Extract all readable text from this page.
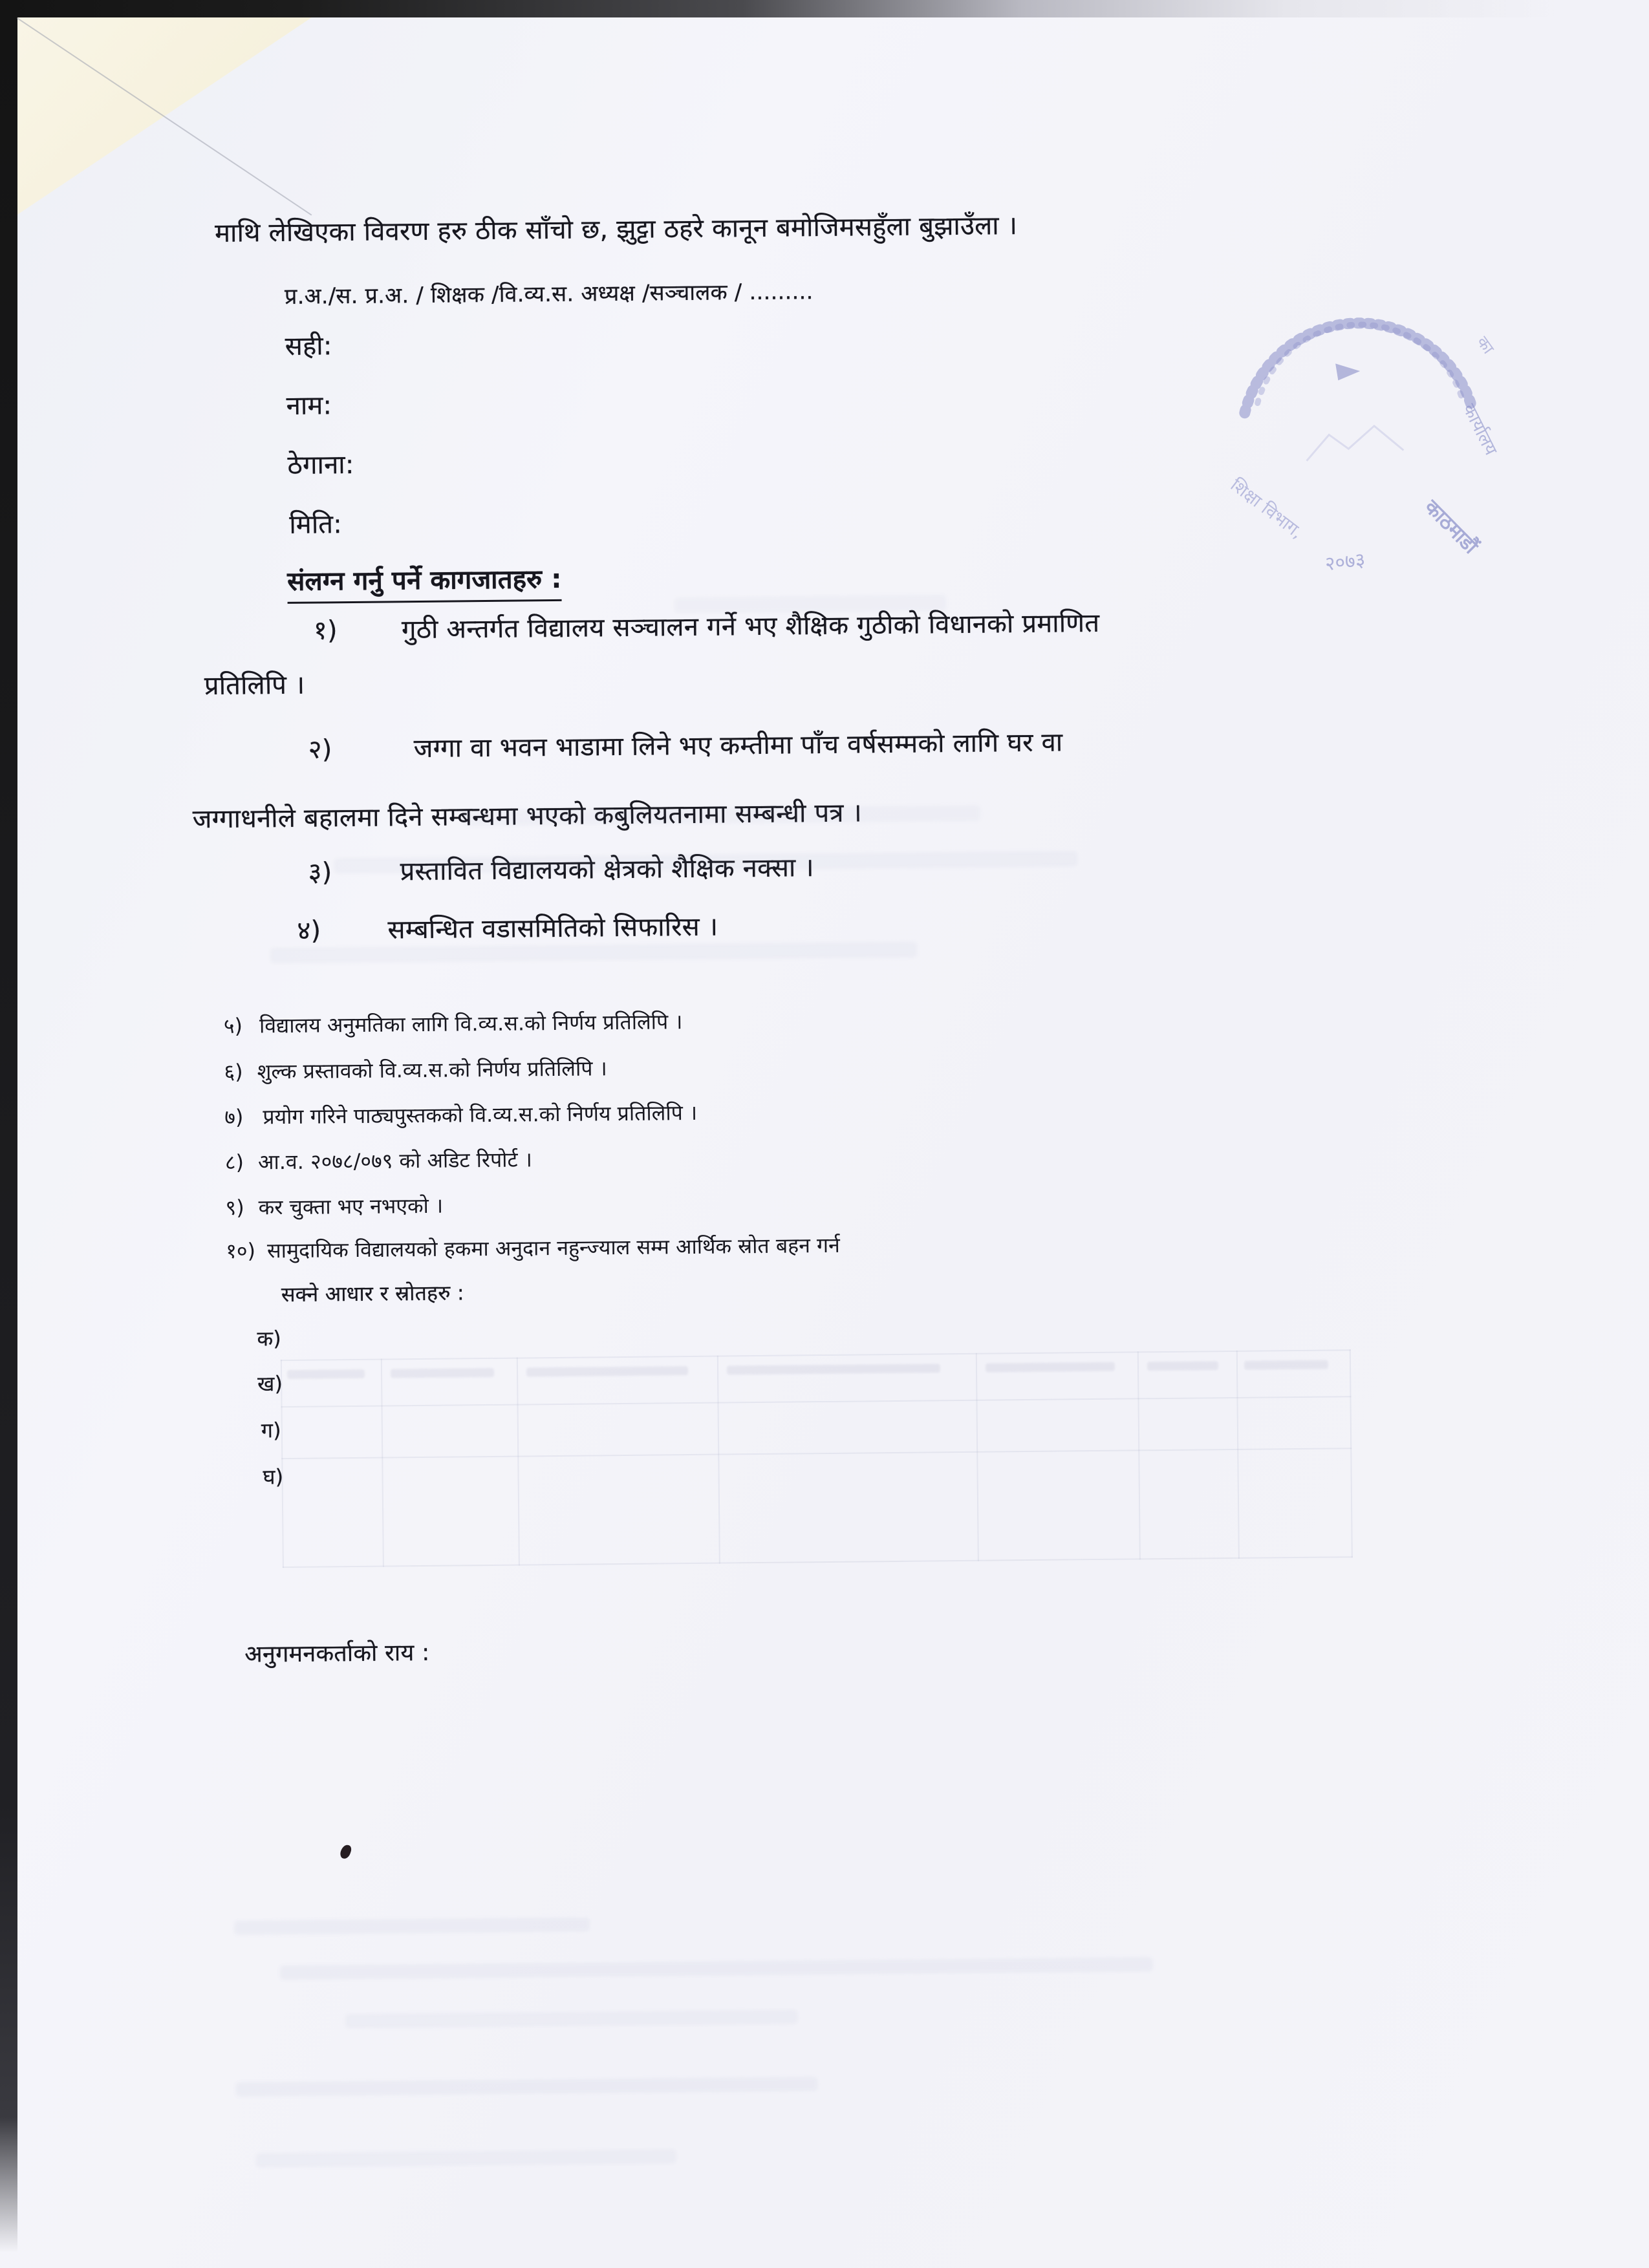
माथि लेखिएका विवरण हरु ठीक साँचो छ, झुट्टा ठहरे कानून बमोजिमसहुँला बुझाउँला ।
प्र.अ./स. प्र.अ. / शिक्षक /वि.व्य.स. अध्यक्ष /सञ्चालक / .........
सही:
नाम:
ठेगाना:
मिति:
संलग्न गर्नु पर्ने कागजातहरु :
१) गुठी अन्तर्गत विद्यालय सञ्चालन गर्ने भए शैक्षिक गुठीको विधानको प्रमाणित
प्रतिलिपि ।
२)	जग्गा वा भवन भाडामा लिने भए कम्तीमा पाँच वर्षसम्मको लागि घर वा
जग्गाधनीले बहालमा दिने सम्बन्धमा भएको कबुलियतनामा सम्बन्धी पत्र ।
३)	प्रस्तावित विद्यालयको क्षेत्रको शैक्षिक नक्सा ।
४)	सम्बन्धित वडासमितिको सिफारिस ।
५) विद्यालय अनुमतिका लागि वि.व्य.स.को निर्णय प्रतिलिपि ।
६) शुल्क प्रस्तावको वि.व्य.स.को निर्णय प्रतिलिपि ।
७) प्रयोग गरिने पाठ्यपुस्तकको वि.व्य.स.को निर्णय प्रतिलिपि ।
८) आ.व. २०७८/०७९ को अडिट रिपोर्ट ।
९) कर चुक्ता भए नभएको ।
१०) सामुदायिक विद्यालयको हकमा अनुदान नहुन्ज्याल सम्म आर्थिक स्रोत बहन गर्न
सक्ने आधार र स्रोतहरु :
क)
ख)
ग)
घ)
अनुगमनकर्ताको राय :
शिक्षा विभाग,
कार्यालय
काठमाडौं
का
२०७३
